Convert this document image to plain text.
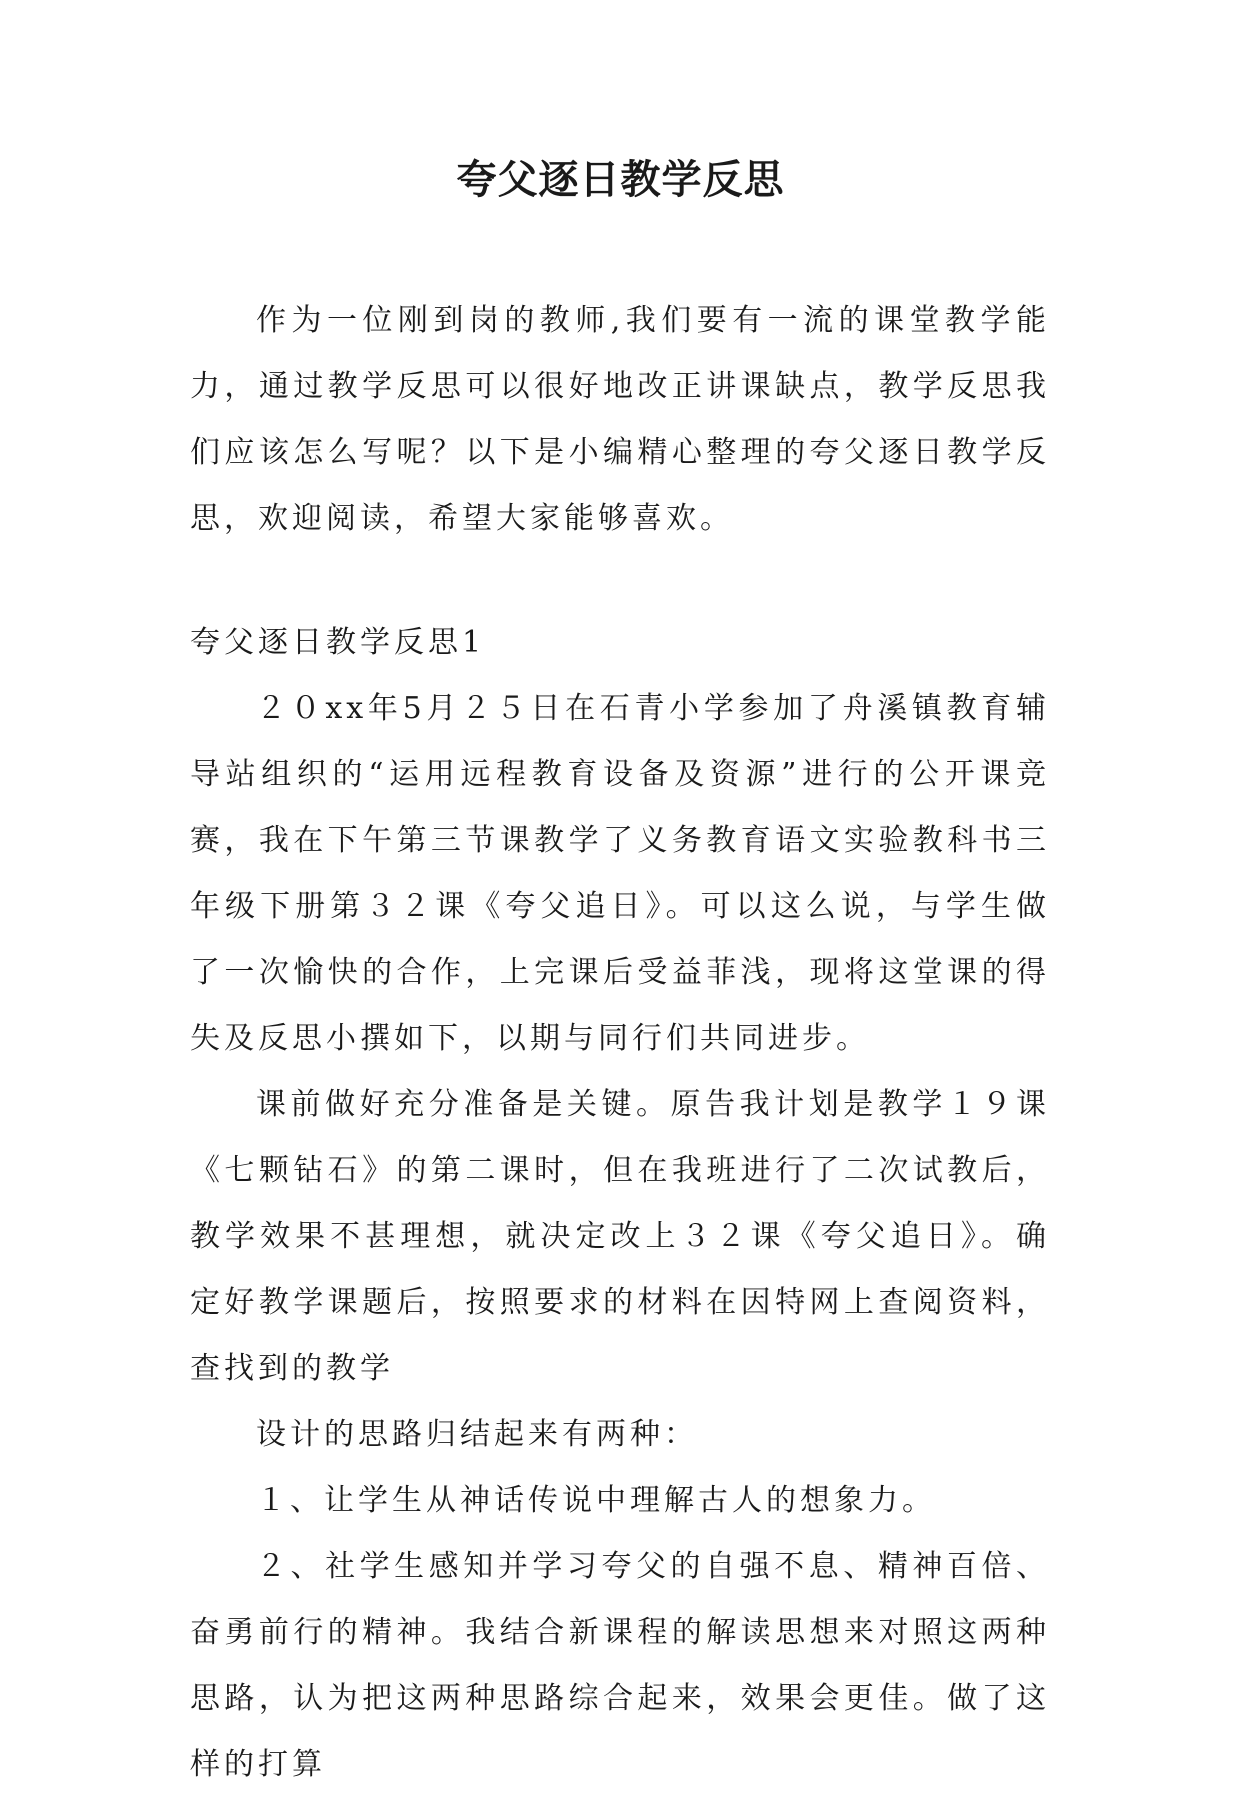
夸父逐日教学反思

作为一位刚到岗的教师,我们要有一流的课堂教学能力，通过教学反思可以很好地改正讲课缺点，教学反思我们应该怎么写呢？以下是小编精心整理的夸父逐日教学反思，欢迎阅读，希望大家能够喜欢。

夸父逐日教学反思1

２０xx年5月２５日在石青小学参加了舟溪镇教育辅导站组织的“运用远程教育设备及资源”进行的公开课竞赛，我在下午第三节课教学了义务教育语文实验教科书三年级下册第３２课《夸父追日》。可以这么说，与学生做了一次愉快的合作，上完课后受益菲浅，现将这堂课的得失及反思小撰如下，以期与同行们共同进步。

课前做好充分准备是关键。原告我计划是教学１９课《七颗钻石》的第二课时，但在我班进行了二次试教后，教学效果不甚理想，就决定改上３２课《夸父追日》。确定好教学课题后，按照要求的材料在因特网上查阅资料，查找到的教学

设计的思路归结起来有两种：

１、让学生从神话传说中理解古人的想象力。

２、社学生感知并学习夸父的自强不息、精神百倍、奋勇前行的精神。我结合新课程的解读思想来对照这两种思路，认为把这两种思路综合起来，效果会更佳。做了这样的打算
